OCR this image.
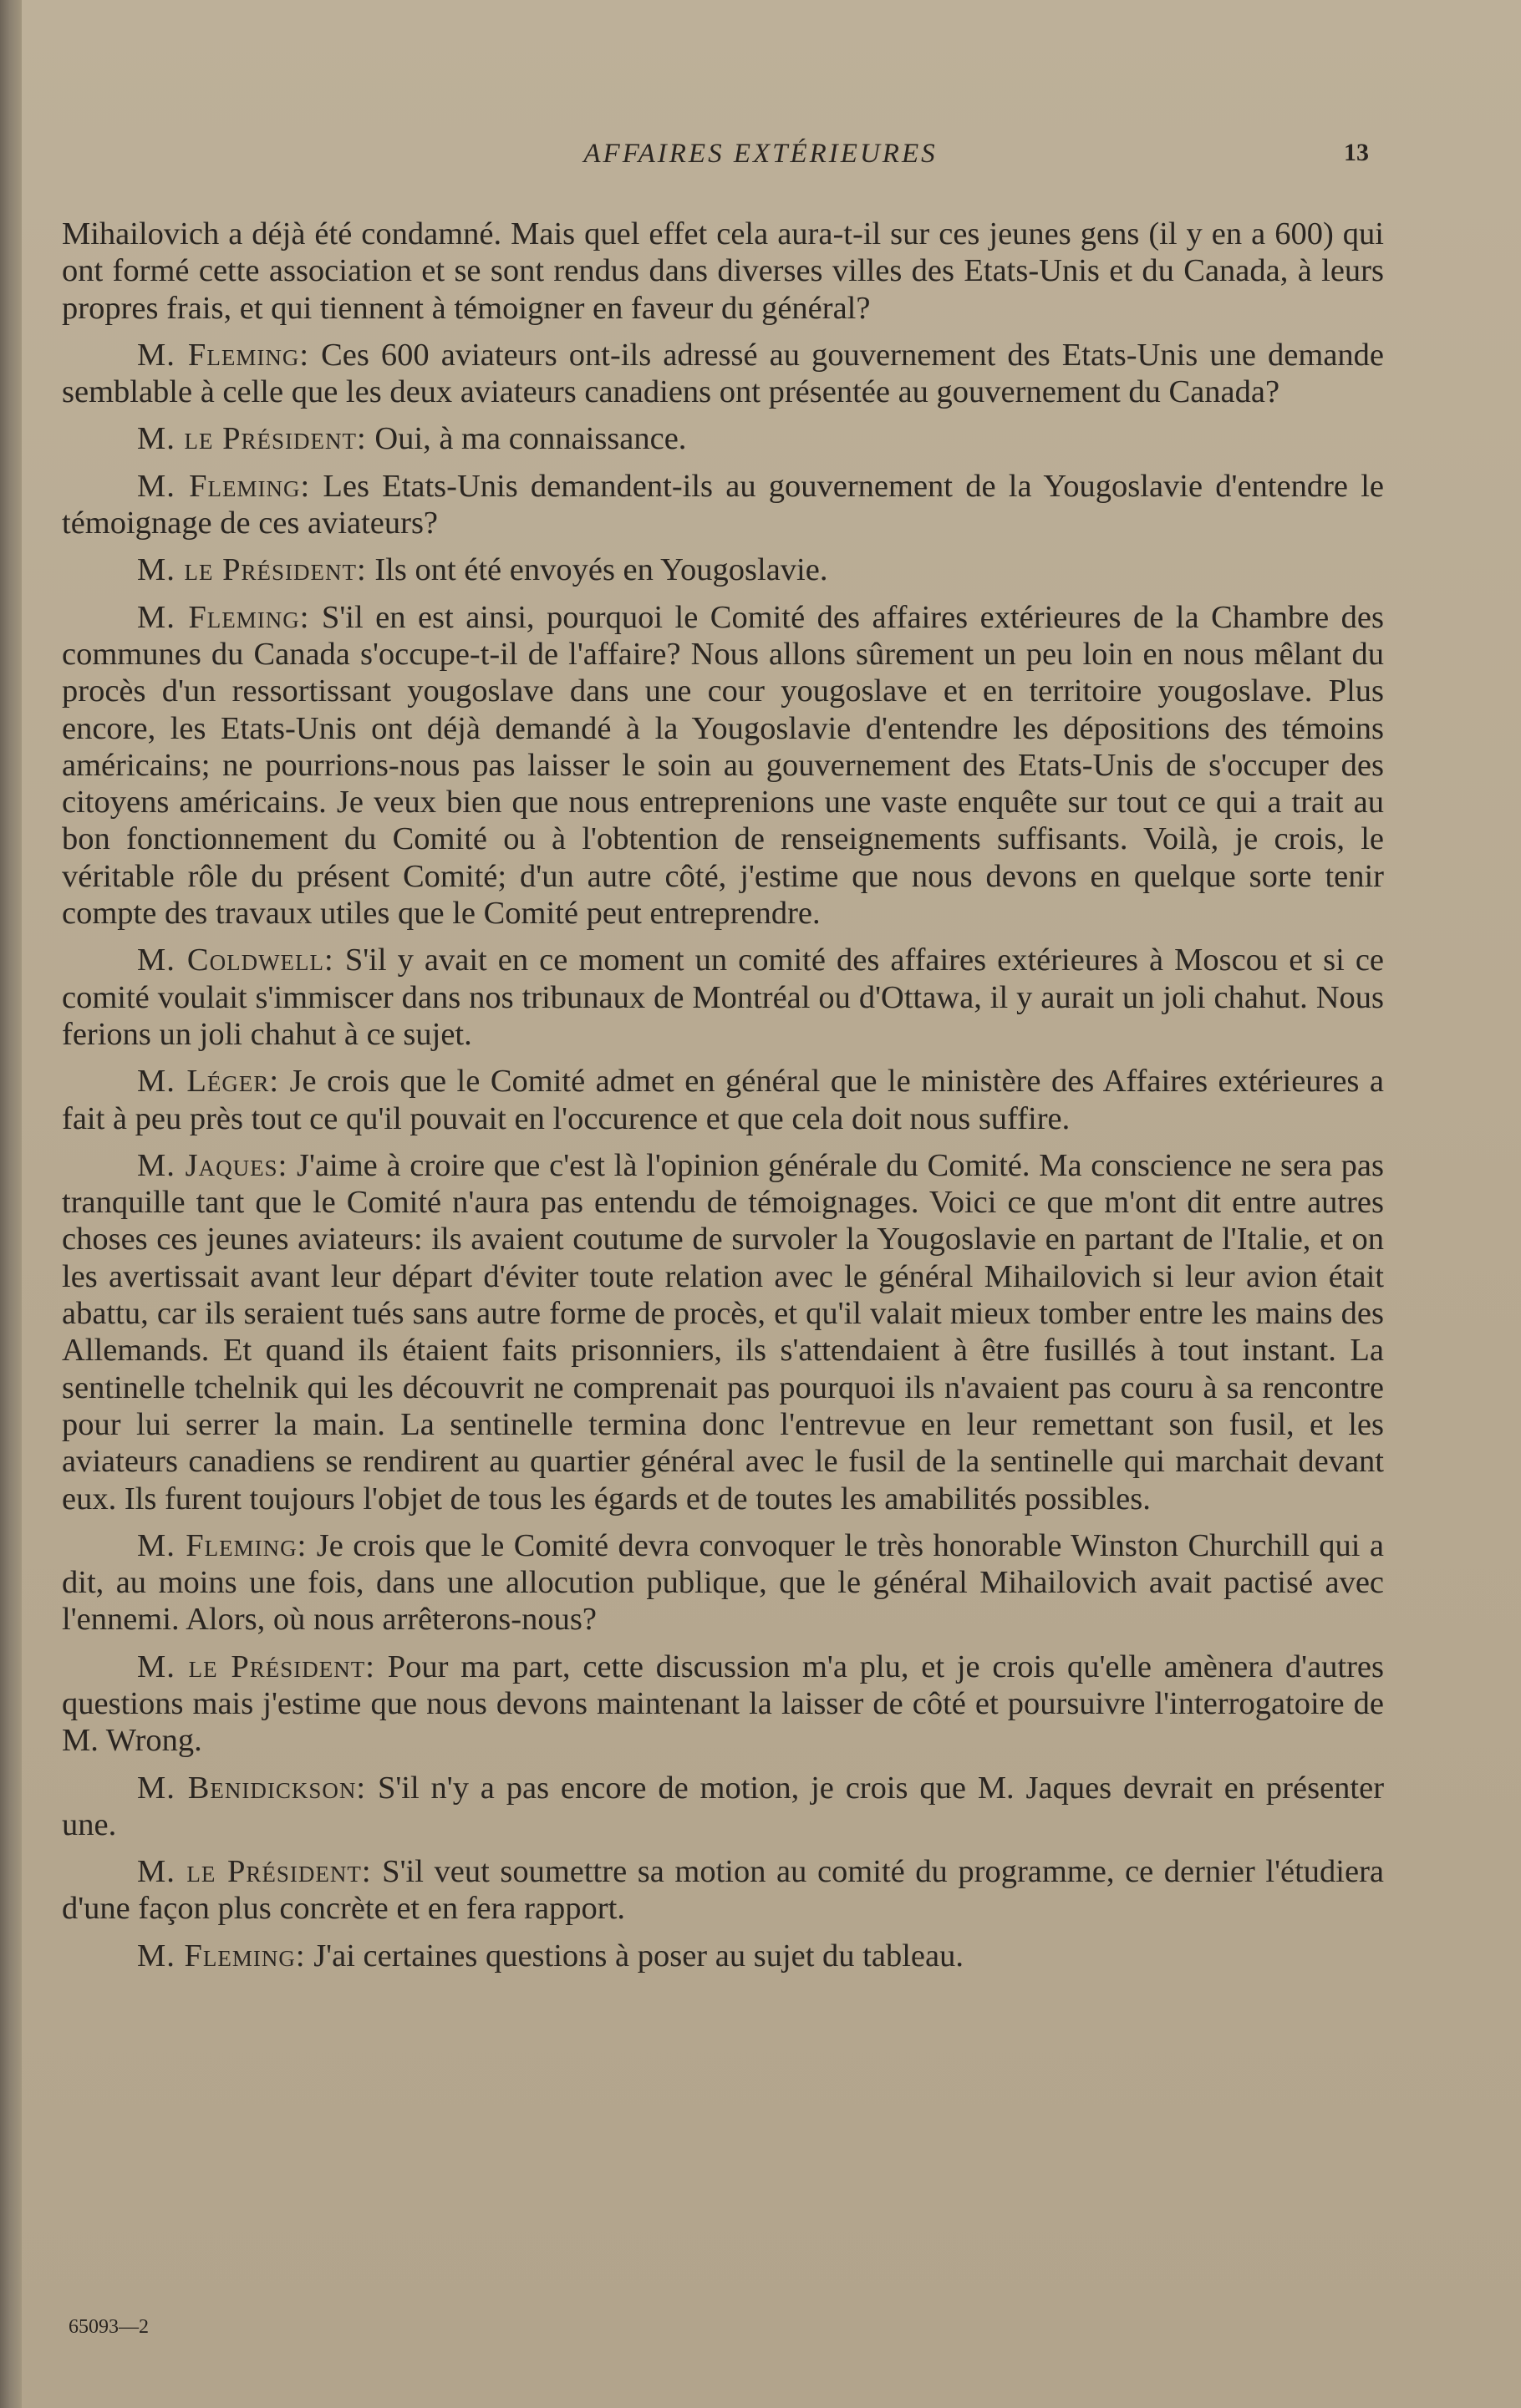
AFFAIRES EXTÉRIEURES	13

Mihailovich a déjà été condamné. Mais quel effet cela aura-t-il sur ces jeunes gens (il y en a 600) qui ont formé cette association et se sont rendus dans diverses villes des Etats-Unis et du Canada, à leurs propres frais, et qui tiennent à témoigner en faveur du général?

M. Fleming: Ces 600 aviateurs ont-ils adressé au gouvernement des Etats-Unis une demande semblable à celle que les deux aviateurs canadiens ont présentée au gouvernement du Canada?

M. le Président: Oui, à ma connaissance.

M. Fleming: Les Etats-Unis demandent-ils au gouvernement de la Yougoslavie d'entendre le témoignage de ces aviateurs?

M. le Président: Ils ont été envoyés en Yougoslavie.

M. Fleming: S'il en est ainsi, pourquoi le Comité des affaires extérieures de la Chambre des communes du Canada s'occupe-t-il de l'affaire? Nous allons sûrement un peu loin en nous mêlant du procès d'un ressortissant yougoslave dans une cour yougoslave et en territoire yougoslave. Plus encore, les Etats-Unis ont déjà demandé à la Yougoslavie d'entendre les dépositions des témoins américains; ne pourrions-nous pas laisser le soin au gouvernement des Etats-Unis de s'occuper des citoyens américains. Je veux bien que nous entreprenions une vaste enquête sur tout ce qui a trait au bon fonctionnement du Comité ou à l'obtention de renseignements suffisants. Voilà, je crois, le véritable rôle du présent Comité; d'un autre côté, j'estime que nous devons en quelque sorte tenir compte des travaux utiles que le Comité peut entreprendre.

M. Coldwell: S'il y avait en ce moment un comité des affaires extérieures à Moscou et si ce comité voulait s'immiscer dans nos tribunaux de Montréal ou d'Ottawa, il y aurait un joli chahut. Nous ferions un joli chahut à ce sujet.

M. Léger: Je crois que le Comité admet en général que le ministère des Affaires extérieures a fait à peu près tout ce qu'il pouvait en l'occurence et que cela doit nous suffire.

M. Jaques: J'aime à croire que c'est là l'opinion générale du Comité. Ma conscience ne sera pas tranquille tant que le Comité n'aura pas entendu de témoignages. Voici ce que m'ont dit entre autres choses ces jeunes aviateurs: ils avaient coutume de survoler la Yougoslavie en partant de l'Italie, et on les avertissait avant leur départ d'éviter toute relation avec le général Mihailovich si leur avion était abattu, car ils seraient tués sans autre forme de procès, et qu'il valait mieux tomber entre les mains des Allemands. Et quand ils étaient faits prisonniers, ils s'attendaient à être fusillés à tout instant. La sentinelle tchelnik qui les découvrit ne comprenait pas pourquoi ils n'avaient pas couru à sa rencontre pour lui serrer la main. La sentinelle termina donc l'entrevue en leur remettant son fusil, et les aviateurs canadiens se rendirent au quartier général avec le fusil de la sentinelle qui marchait devant eux. Ils furent toujours l'objet de tous les égards et de toutes les amabilités possibles.

M. Fleming: Je crois que le Comité devra convoquer le très honorable Winston Churchill qui a dit, au moins une fois, dans une allocution publique, que le général Mihailovich avait pactisé avec l'ennemi. Alors, où nous arrêterons-nous?

M. le Président: Pour ma part, cette discussion m'a plu, et je crois qu'elle amènera d'autres questions mais j'estime que nous devons maintenant la laisser de côté et poursuivre l'interrogatoire de M. Wrong.

M. Benidickson: S'il n'y a pas encore de motion, je crois que M. Jaques devrait en présenter une.

M. le Président: S'il veut soumettre sa motion au comité du programme, ce dernier l'étudiera d'une façon plus concrète et en fera rapport.

M. Fleming: J'ai certaines questions à poser au sujet du tableau.

65093—2
